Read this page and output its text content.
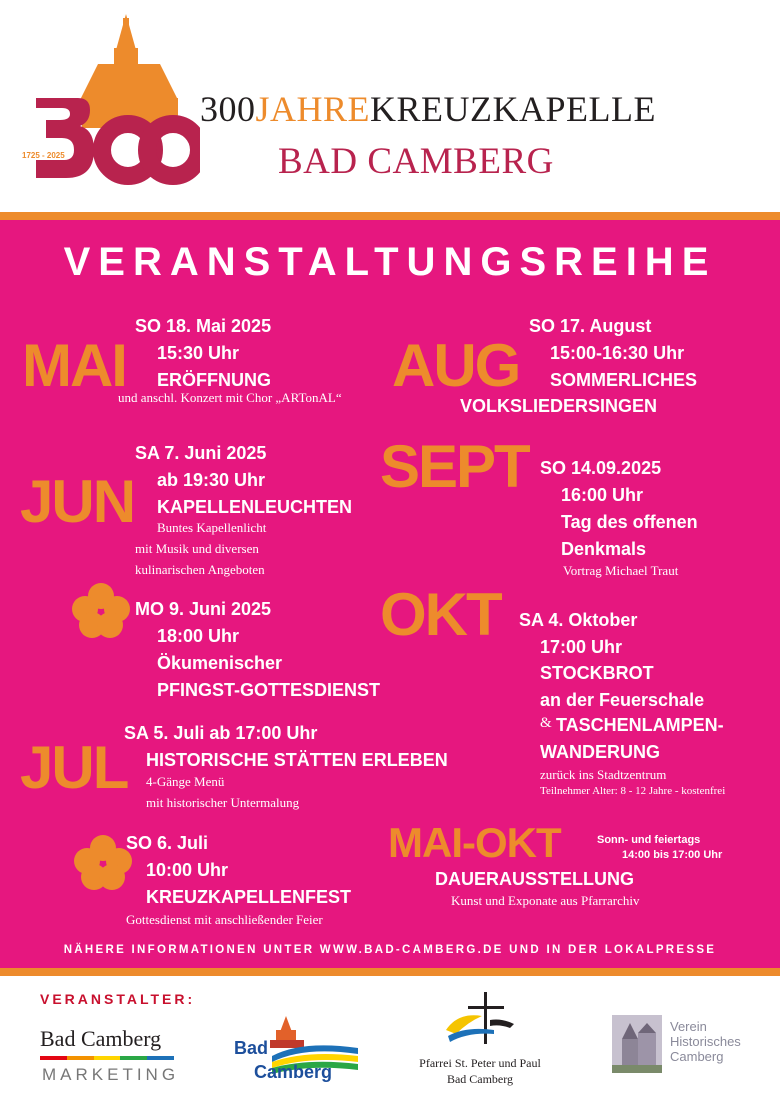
1725 - 2025
300JAHREKREUZKAPELLE
BAD CAMBERG
VERANSTALTUNGSREIHE
MAI
SO 18. Mai 2025
15:30 Uhr
ERÖFFNUNG
und anschl. Konzert mit Chor „ARTonAL“
JUN
SA 7. Juni 2025
ab 19:30 Uhr
KAPELLENLEUCHTEN
Buntes Kapellenlicht
mit Musik und diversen
kulinarischen Angeboten
MO 9. Juni 2025
18:00 Uhr
Ökumenischer
PFINGST-GOTTESDIENST
JUL
SA 5. Juli ab 17:00 Uhr
HISTORISCHE STÄTTEN ERLEBEN
4-Gänge Menü
mit historischer Untermalung
SO 6. Juli
10:00 Uhr
KREUZKAPELLENFEST
Gottesdienst mit anschließender Feier
AUG
SO 17. August
15:00-16:30 Uhr
SOMMERLICHES
VOLKSLIEDERSINGEN
SEPT SO 14.09.2025
16:00 Uhr
Tag des offenen
Denkmals
Vortrag Michael Traut
OKT SA 4. Oktober
17:00 Uhr
STOCKBROT
an der Feuerschale
& TASCHENLAMPEN-
WANDERUNG
zurück ins Stadtzentrum
Teilnehmer Alter: 8 - 12 Jahre - kostenfrei
MAI-OKT	Sonn- und feiertags
14:00 bis 17:00 Uhr
DAUERAUSSTELLUNG
Kunst und Exponate aus Pfarrarchiv
NÄHERE INFORMATIONEN UNTER WWW.BAD-CAMBERG.DE UND IN DER LOKALPRESSE
VERANSTALTER:
Bad Camberg
MARKETING
Bad
Camberg	Pfarrei St. Peter und Paul
Bad Camberg
Verein
Historisches
Camberg
